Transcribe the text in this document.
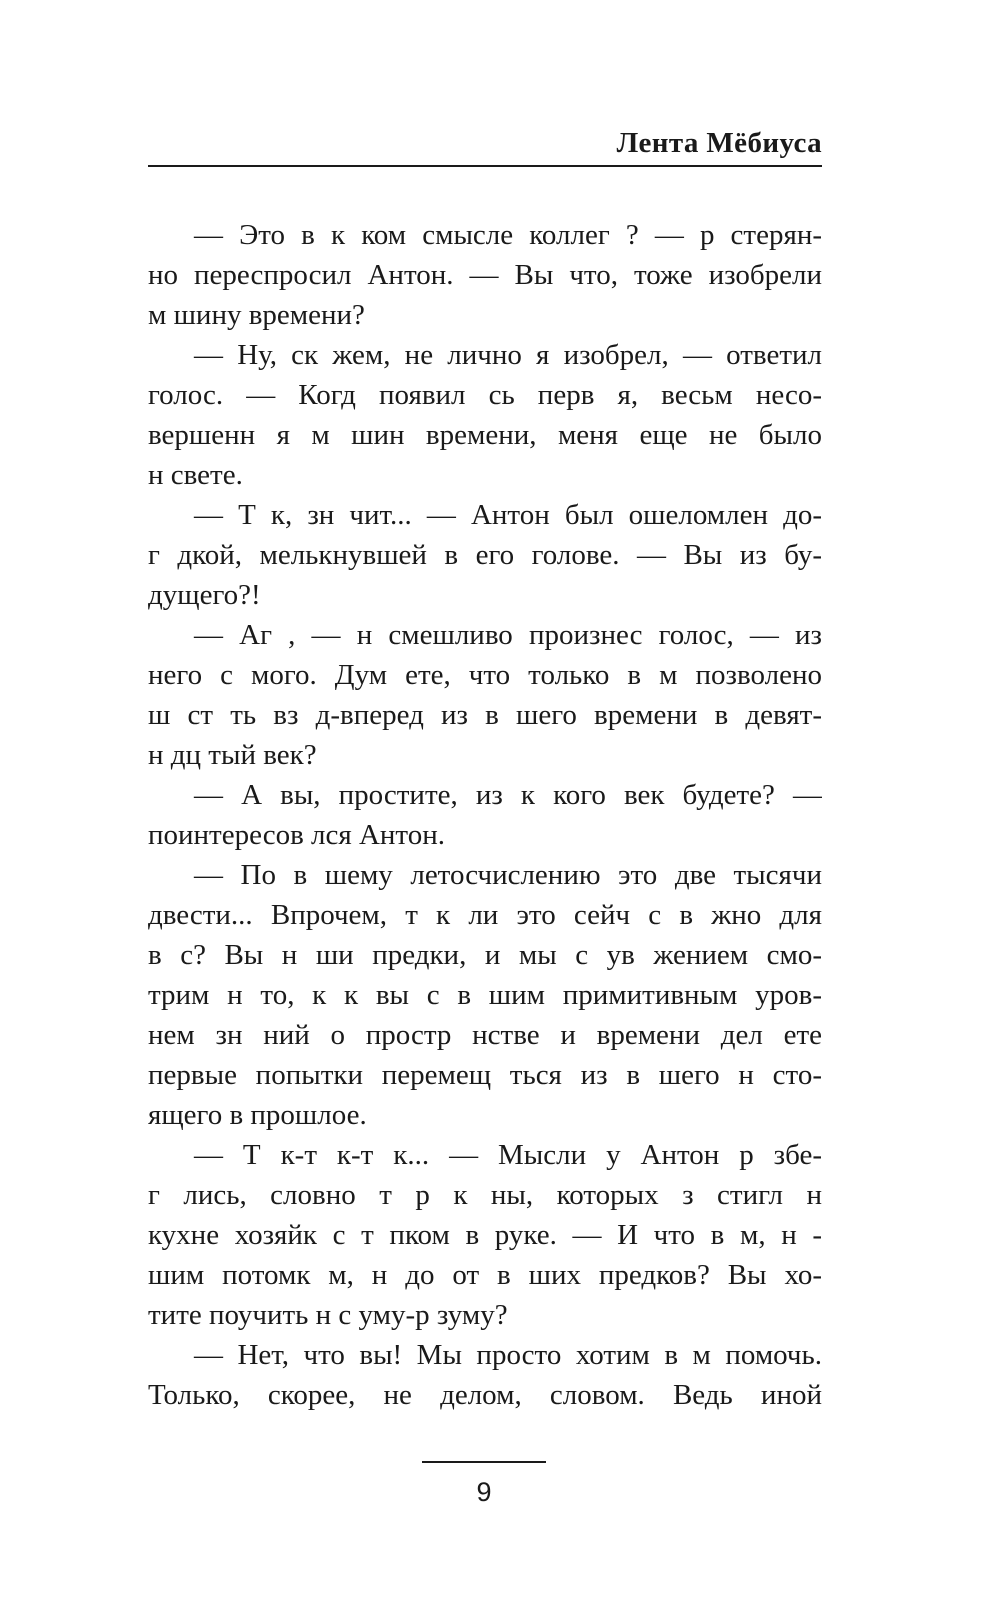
Лента Мёбиуса
— Это в к ком смысле коллег ? — р стерян-
но переспросил Антон. — Вы что, тоже изобрели
м шину времени?
— Ну, ск жем, не лично я изобрел, — ответил
голос. — Когд появил сь перв я, весьм несо-
вершенн я м шин времени, меня еще не было
н свете.
— Т к, зн чит... — Антон был ошеломлен до-
г дкой, мелькнувшей в его голове. — Вы из бу-
дущего?!
— Аг , — н смешливо произнес голос, — из
него с мого. Дум ете, что только в м позволено
ш ст ть вз д-вперед из в шего времени в девят-
н дц тый век?
— А вы, простите, из к кого век будете? —
поинтересов лся Антон.
— По в шему летосчислению это две тысячи
двести... Впрочем, т к ли это сейч с в жно для
в с? Вы н ши предки, и мы с ув жением смо-
трим н то, к к вы с в шим примитивным уров-
нем зн ний о простр нстве и времени дел ете
первые попытки перемещ ться из в шего н сто-
ящего в прошлое.
— Т к-т к-т к... — Мысли у Антон р збе-
г лись, словно т р к ны, которых з стигл н
кухне хозяйк с т пком в руке. — И что в м, н -
шим потомк м, н до от в ших предков? Вы хо-
тите поучить н с уму-р зуму?
— Нет, что вы! Мы просто хотим в м помочь.
Только, скорее, не делом, словом. Ведь иной
9
